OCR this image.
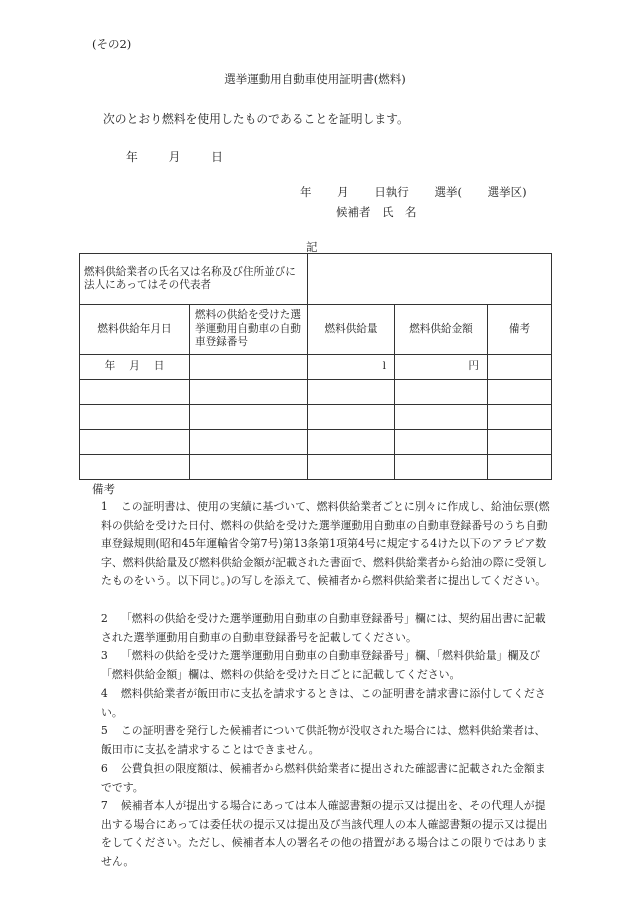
(その2)
選挙運動用自動車使用証明書(燃料)
次のとおり燃料を使用したものであることを証明します。
年	月	日
年 月 日執行 選挙( 選挙区)
候補者　氏　名
記
燃料供給業者の氏名又は名称及び住所並びに法人にあってはその代表者				
燃料供給年月日	燃料の供給を受けた選挙運動用自動車の自動車登録番号	燃料供給量	燃料供給金額	備考
年 月 日		l	円	

備考
1 この証明書は、使用の実績に基づいて、燃料供給業者ごとに別々に作成し、給油伝票(燃料の供給を受けた日付、燃料の供給を受けた選挙運動用自動車の自動車登録番号のうち自動車登録規則(昭和45年運輸省令第7号)第13条第1項第4号に規定する4けた以下のアラビア数字、燃料供給量及び燃料供給金額が記載された書面で、燃料供給業者から給油の際に受領したものをいう。以下同じ。)の写しを添えて、候補者から燃料供給業者に提出してください。
2 「燃料の供給を受けた選挙運動用自動車の自動車登録番号」欄には、契約届出書に記載された選挙運動用自動車の自動車登録番号を記載してください。
3 「燃料の供給を受けた選挙運動用自動車の自動車登録番号」欄、「燃料供給量」欄及び「燃料供給金額」欄は、燃料の供給を受けた日ごとに記載してください。
4 燃料供給業者が飯田市に支払を請求するときは、この証明書を請求書に添付してください。
5 この証明書を発行した候補者について供託物が没収された場合には、燃料供給業者は、飯田市に支払を請求することはできません。
6 公費負担の限度額は、候補者から燃料供給業者に提出された確認書に記載された金額までです。
7 候補者本人が提出する場合にあっては本人確認書類の提示又は提出を、その代理人が提出する場合にあっては委任状の提示又は提出及び当該代理人の本人確認書類の提示又は提出をしてください。ただし、候補者本人の署名その他の措置がある場合はこの限りではありません。
